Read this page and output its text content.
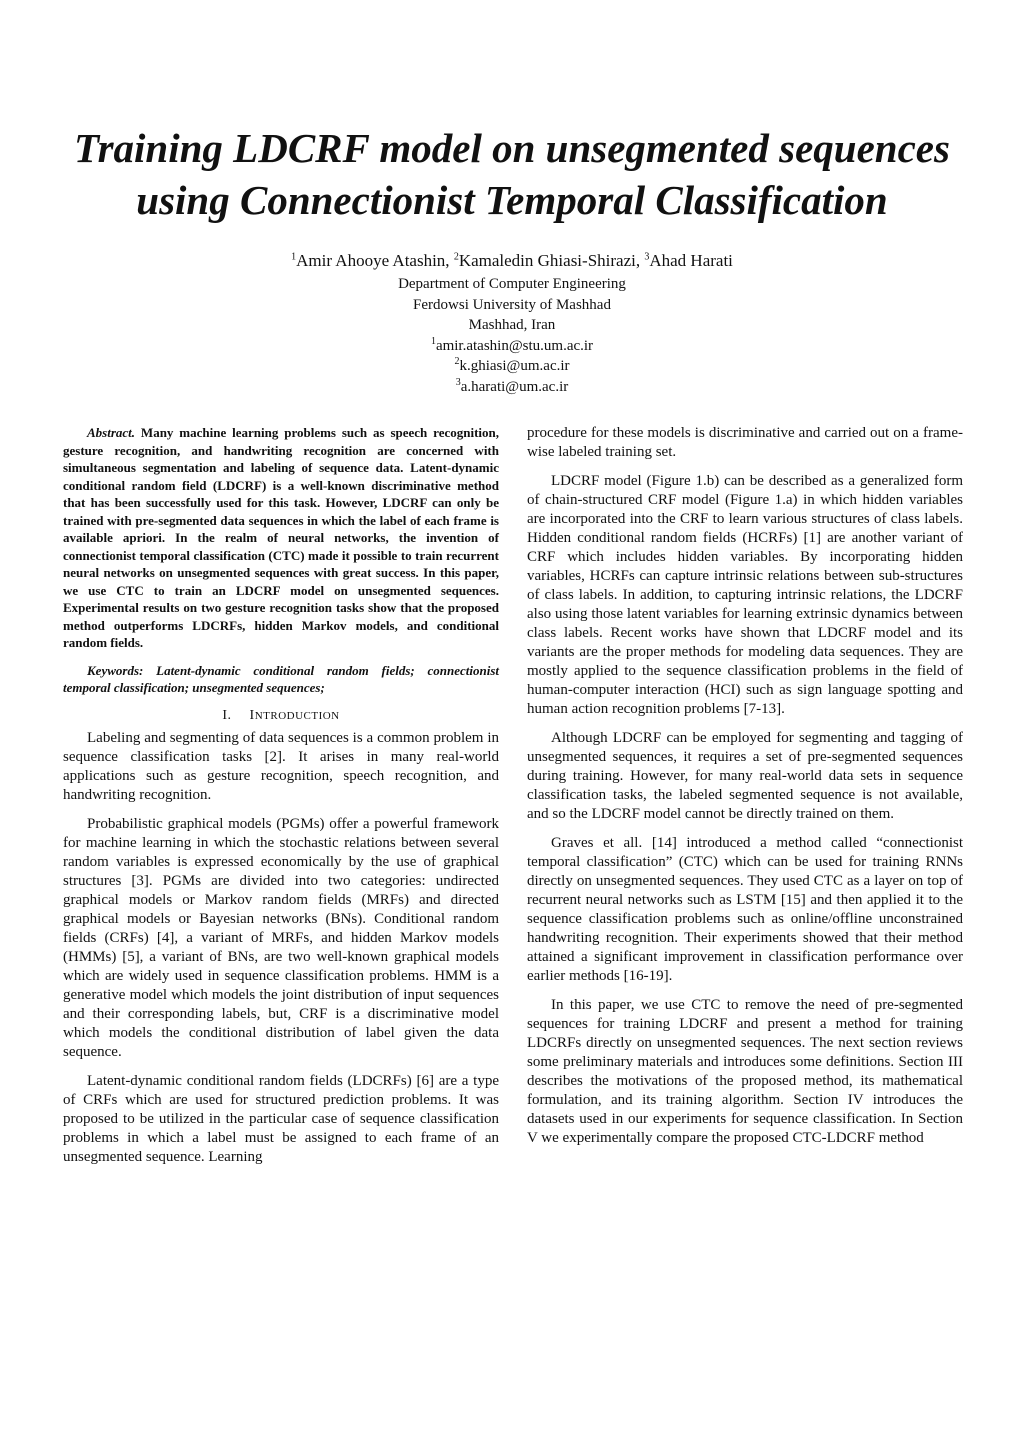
Training LDCRF model on unsegmented sequences
using Connectionist Temporal Classification
$^1$Amir Ahooye Atashin, $^2$Kamaledin Ghiasi-Shirazi, $^3$Ahad Harati
Department of Computer Engineering
Ferdowsi University of Mashhad
Mashhad, Iran
$^1$amir.atashin@stu.um.ac.ir
$^2$k.ghiasi@um.ac.ir
$^3$a.harati@um.ac.ir

Abstract. Many machine learning problems such as speech recognition, gesture recognition, and handwriting recognition are concerned with simultaneous segmentation and labeling of sequence data. Latent-dynamic conditional random field (LDCRF) is a well-known discriminative method that has been successfully used for this task. However, LDCRF can only be trained with pre-segmented data sequences in which the label of each frame is available apriori. In the realm of neural networks, the invention of connectionist temporal classification (CTC) made it possible to train recurrent neural networks on unsegmented sequences with great success. In this paper, we use CTC to train an LDCRF model on unsegmented sequences. Experimental results on two gesture recognition tasks show that the proposed method outperforms LDCRFs, hidden Markov models, and conditional random fields.

Keywords: Latent-dynamic conditional random fields; connectionist temporal classification; unsegmented sequences;

I. INTRODUCTION

Labeling and segmenting of data sequences is a common problem in sequence classification tasks [2]. It arises in many real-world applications such as gesture recognition, speech recognition, and handwriting recognition.

Probabilistic graphical models (PGMs) offer a powerful framework for machine learning in which the stochastic relations between several random variables is expressed economically by the use of graphical structures [3]. PGMs are divided into two categories: undirected graphical models or Markov random fields (MRFs) and directed graphical models or Bayesian networks (BNs). Conditional random fields (CRFs) [4], a variant of MRFs, and hidden Markov models (HMMs) [5], a variant of BNs, are two well-known graphical models which are widely used in sequence classification problems. HMM is a generative model which models the joint distribution of input sequences and their corresponding labels, but, CRF is a discriminative model which models the conditional distribution of label given the data sequence.

Latent-dynamic conditional random fields (LDCRFs) [6] are a type of CRFs which are used for structured prediction problems. It was proposed to be utilized in the particular case of sequence classification problems in which a label must be assigned to each frame of an unsegmented sequence. Learning

procedure for these models is discriminative and carried out on a frame-wise labeled training set.

LDCRF model (Figure 1.b) can be described as a generalized form of chain-structured CRF model (Figure 1.a) in which hidden variables are incorporated into the CRF to learn various structures of class labels. Hidden conditional random fields (HCRFs) [1] are another variant of CRF which includes hidden variables. By incorporating hidden variables, HCRFs can capture intrinsic relations between sub-structures of class labels. In addition, to capturing intrinsic relations, the LDCRF also using those latent variables for learning extrinsic dynamics between class labels. Recent works have shown that LDCRF model and its variants are the proper methods for modeling data sequences. They are mostly applied to the sequence classification problems in the field of human-computer interaction (HCI) such as sign language spotting and human action recognition problems [7-13].

Although LDCRF can be employed for segmenting and tagging of unsegmented sequences, it requires a set of pre-segmented sequences during training. However, for many real-world data sets in sequence classification tasks, the labeled segmented sequence is not available, and so the LDCRF model cannot be directly trained on them.

Graves et all. [14] introduced a method called “connectionist temporal classification” (CTC) which can be used for training RNNs directly on unsegmented sequences. They used CTC as a layer on top of recurrent neural networks such as LSTM [15] and then applied it to the sequence classification problems such as online/offline unconstrained handwriting recognition. Their experiments showed that their method attained a significant improvement in classification performance over earlier methods [16-19].

In this paper, we use CTC to remove the need of pre-segmented sequences for training LDCRF and present a method for training LDCRFs directly on unsegmented sequences. The next section reviews some preliminary materials and introduces some definitions. Section III describes the motivations of the proposed method, its mathematical formulation, and its training algorithm. Section IV introduces the datasets used in our experiments for sequence classification. In Section V we experimentally compare the proposed CTC-LDCRF method
